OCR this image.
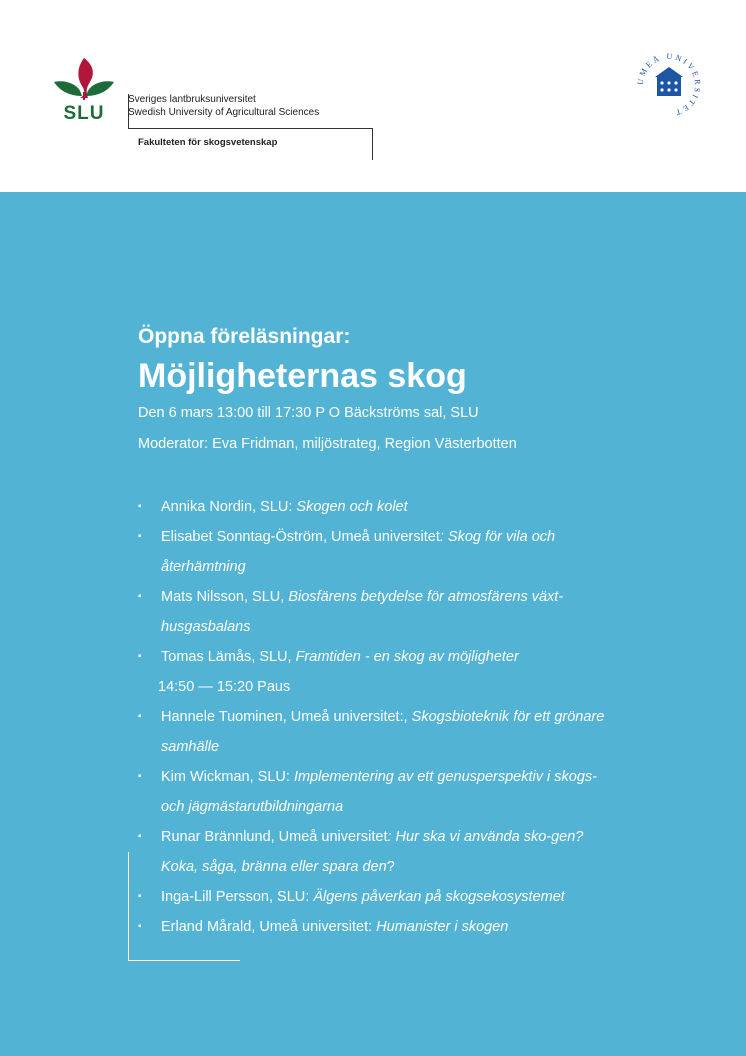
SLU
Sveriges lantbruksuniversitet
Swedish University of Agricultural Sciences
Fakulteten för skogsvetenskap
UMEÅ UNIVERSITET
Öppna föreläsningar:
Möjligheternas skog
Den 6 mars 13:00 till 17:30 P O Bäckströms sal, SLU
Moderator: Eva Fridman, miljöstrateg, Region Västerbotten
▪ Annika Nordin, SLU: Skogen och kolet
▪ Elisabet Sonntag-Öström, Umeå universitet: Skog för vila och återhämtning
▪ Mats Nilsson, SLU, Biosfärens betydelse för atmosfärens växt-husgasbalans
▪ Tomas Lämås, SLU, Framtiden - en skog av möjligheter
14:50 — 15:20 Paus
▪ Hannele Tuominen, Umeå universitet:, Skogsbioteknik för ett grönare samhälle
▪ Kim Wickman, SLU: Implementering av ett genusperspektiv i skogs- och jägmästarutbildningarna
▪ Runar Brännlund, Umeå universitet: Hur ska vi använda sko-gen? Koka, såga, bränna eller spara den?
▪ Inga-Lill Persson, SLU: Älgens påverkan på skogsekosystemet
▪ Erland Mårald, Umeå universitet: Humanister i skogen
